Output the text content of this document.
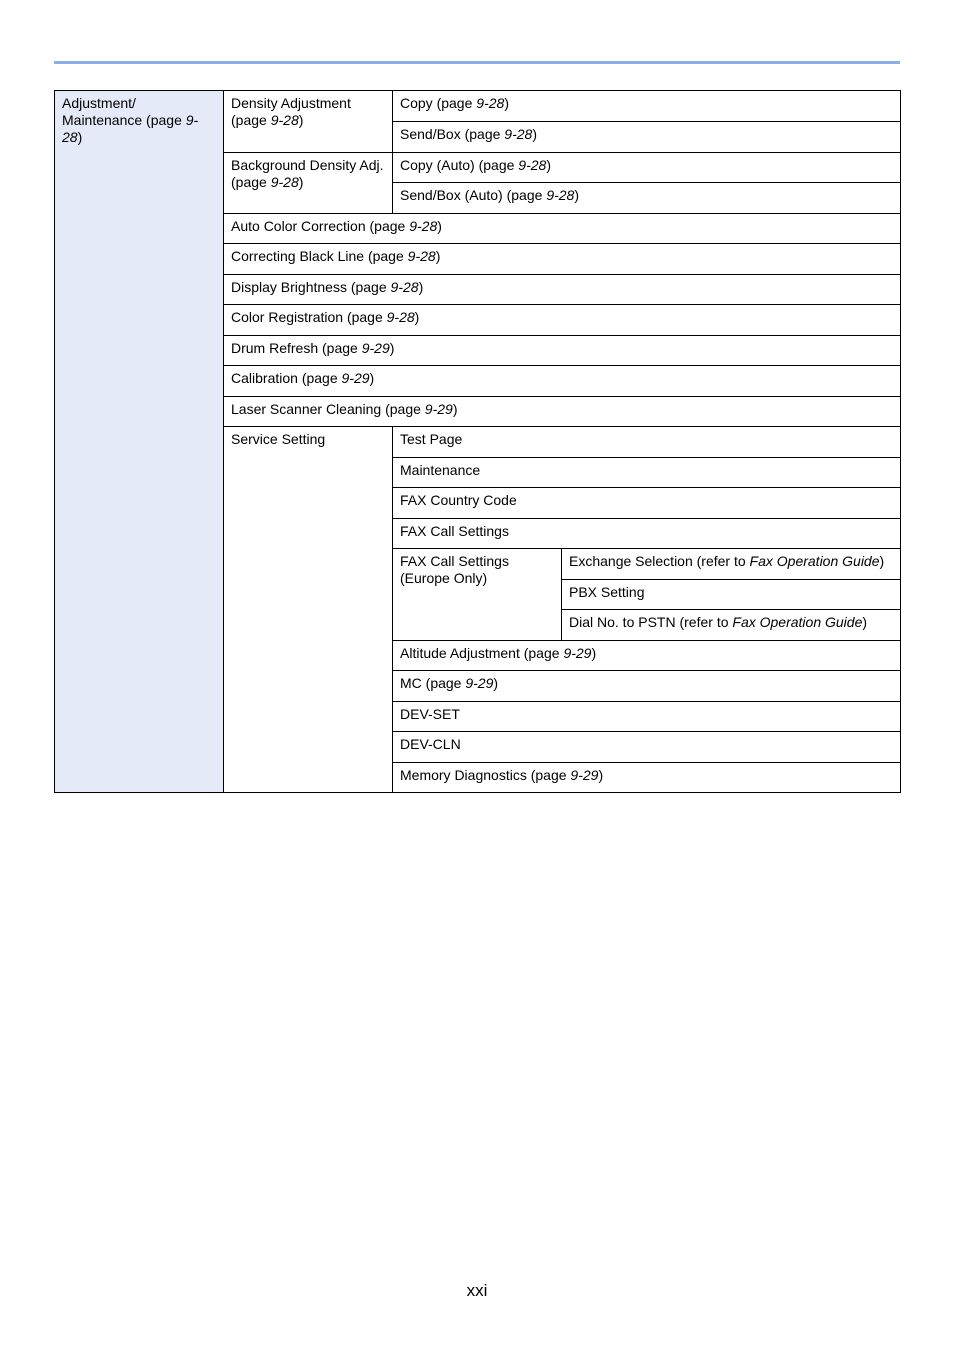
Adjustment/ Maintenance (page 9-28)	Density Adjustment (page 9-28)	Copy (page 9-28)	
		Send/Box (page 9-28)	
	Background Density Adj. (page 9-28)	Copy (Auto) (page 9-28)	
		Send/Box (Auto) (page 9-28)	
	Auto Color Correction (page 9-28)		
	Correcting Black Line (page 9-28)		
	Display Brightness (page 9-28)		
	Color Registration (page 9-28)		
	Drum Refresh (page 9-29)		
	Calibration (page 9-29)		
	Laser Scanner Cleaning (page 9-29)		
	Service Setting	Test Page	
		Maintenance	
		FAX Country Code	
		FAX Call Settings	
		FAX Call Settings (Europe Only)	Exchange Selection (refer to Fax Operation Guide)
			PBX Setting
			Dial No. to PSTN (refer to Fax Operation Guide)
		Altitude Adjustment (page 9-29)	
		MC (page 9-29)	
		DEV-SET	
		DEV-CLN	
		Memory Diagnostics (page 9-29)	
xxi
